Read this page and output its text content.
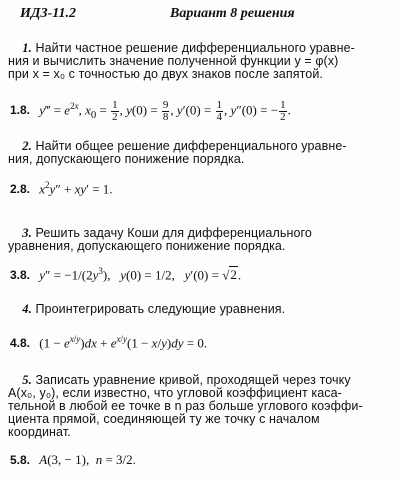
ИДЗ-11.2	Вариант 8 решения
1. Найти частное решение дифференциального уравне-
ния и вычислить значение полученной функции y = φ(x)
при x = x₀ с точностью до двух знаков после запятой.
1.8. y‴ = $e^{2x}$, $x_0 = \frac{1}{2}$ , $y(0) = \frac{9}{8}$ , $y'(0) = \frac{1}{4}$ , y″(0) = − $\frac{1}{2}$ .
2. Найти общее решение дифференциального уравне-
ния, допускающего понижение порядка.
2.8. $x^2y'' + xy' = 1$.
3. Решить задачу Коши для дифференциального
уравнения, допускающего понижение порядка.
3.8. $y'' = -1/(2y^3)$,   y(0) = 1/2,   y′(0) = √2.
4. Проинтегрировать следующие уравнения.
4.8. $(1 - e^{x/y})dx + e^{x/y}(1 - x/y)dy = 0$.
5. Записать уравнение кривой, проходящей через точку
A(x₀, y₀), если известно, что угловой коэффициент каса-
тельной в любой ее точке в n раз больше углового коэффи-
циента прямой, соединяющей ту же точку с началом
координат.
5.8. A(3, − 1),  n = 3/2.
